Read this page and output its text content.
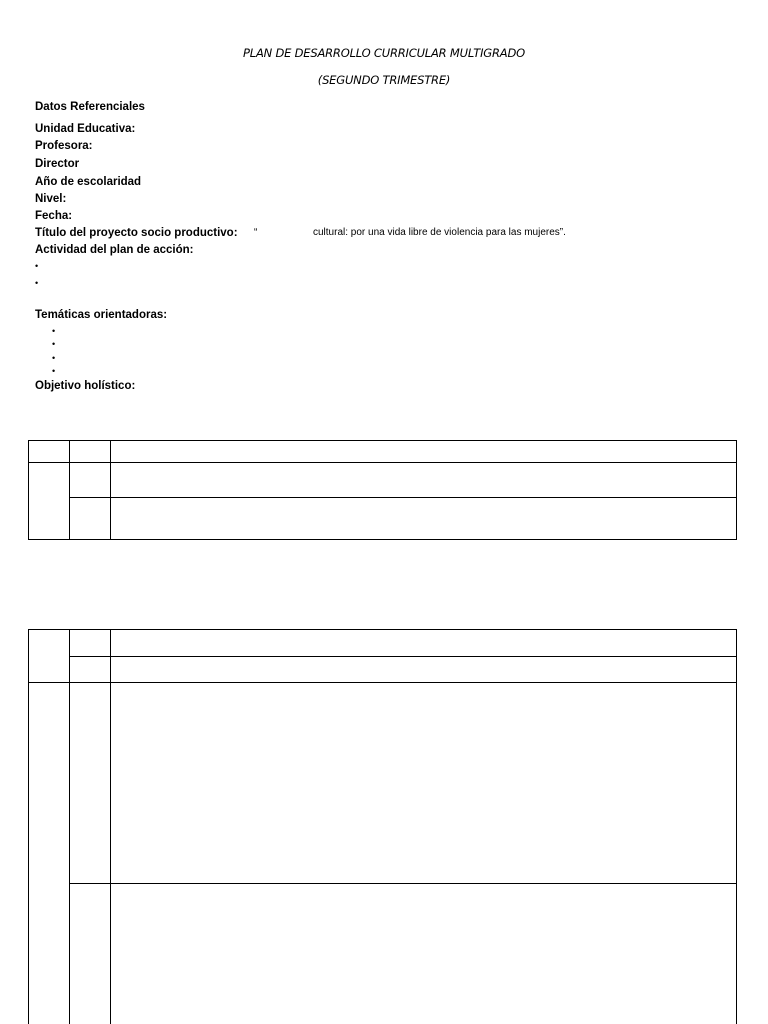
PLAN DE DESARROLLO CURRICULAR MULTIGRADO
(SEGUNDO TRIMESTRE)
Datos Referenciales
Unidad Educativa:
Profesora:
Director
Año de escolaridad
Nivel:
Fecha:
Título del proyecto socio productivo: “	cultural: por una vida libre de violencia para las mujeres”.
Actividad del plan de acción:
•
•
Temáticas orientadoras:
•
•
•
•
Objetivo holístico:
